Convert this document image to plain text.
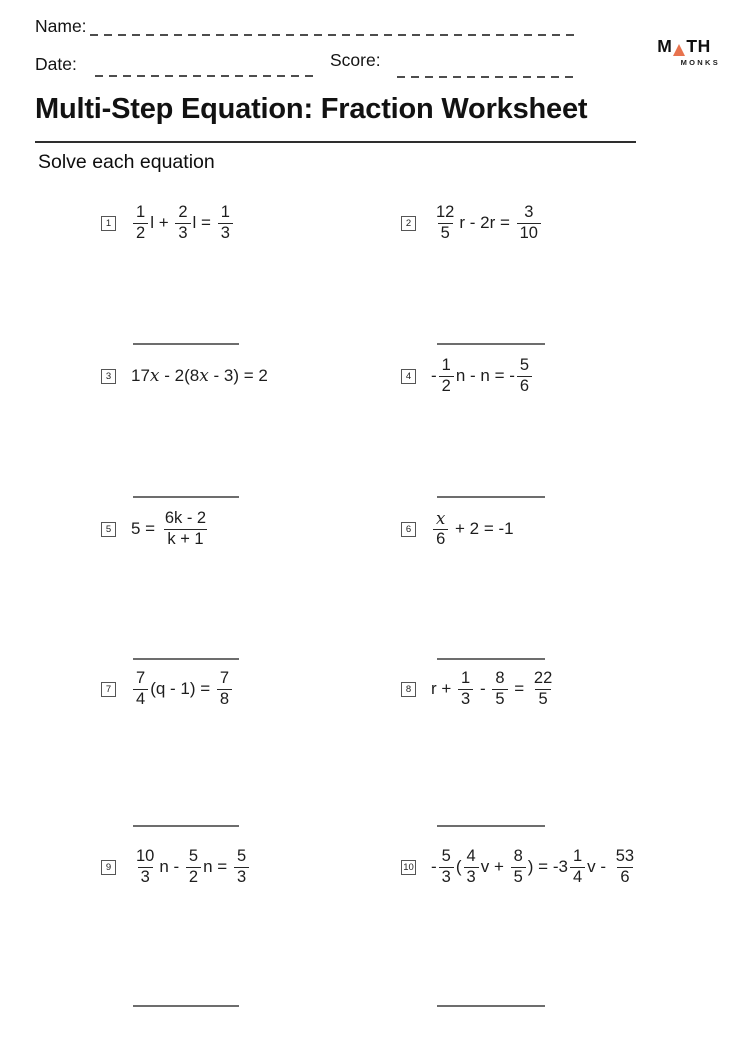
Name:
Date:	Score:
M TH
MONKS
Multi-Step Equation: Fraction Worksheet
Solve each equation
$1 \frac{1}{2}$ $l + \frac{2}{3}$ $l = \frac{1}{3}$	$2 \frac{12}{5}$ $r - 2r = \frac{3}{10}$
3 17 x - 2(8 x - 3) = 2	$4 - \frac{1}{2}$ n - n = - $\frac{5}{6}$
5 $5 = \frac{6k - 2}{k + 1}$	$6 \frac{x}{6} + 2 = -1$
$7 \frac{7}{4} (q - 1) = \frac{7}{8}$	8 $r + \frac{1}{3} - \frac{8}{5} = \frac{22}{5}$
$9 \frac{10}{3}$ n - $\frac{5}{2}$ $n = \frac{5}{3}$	$10 - \frac{5}{3}$ ( $\frac{4}{3}$ $v + \frac{8}{5}$ ) = $-3 \frac{1}{4}$ v - $\frac{53}{6}$
